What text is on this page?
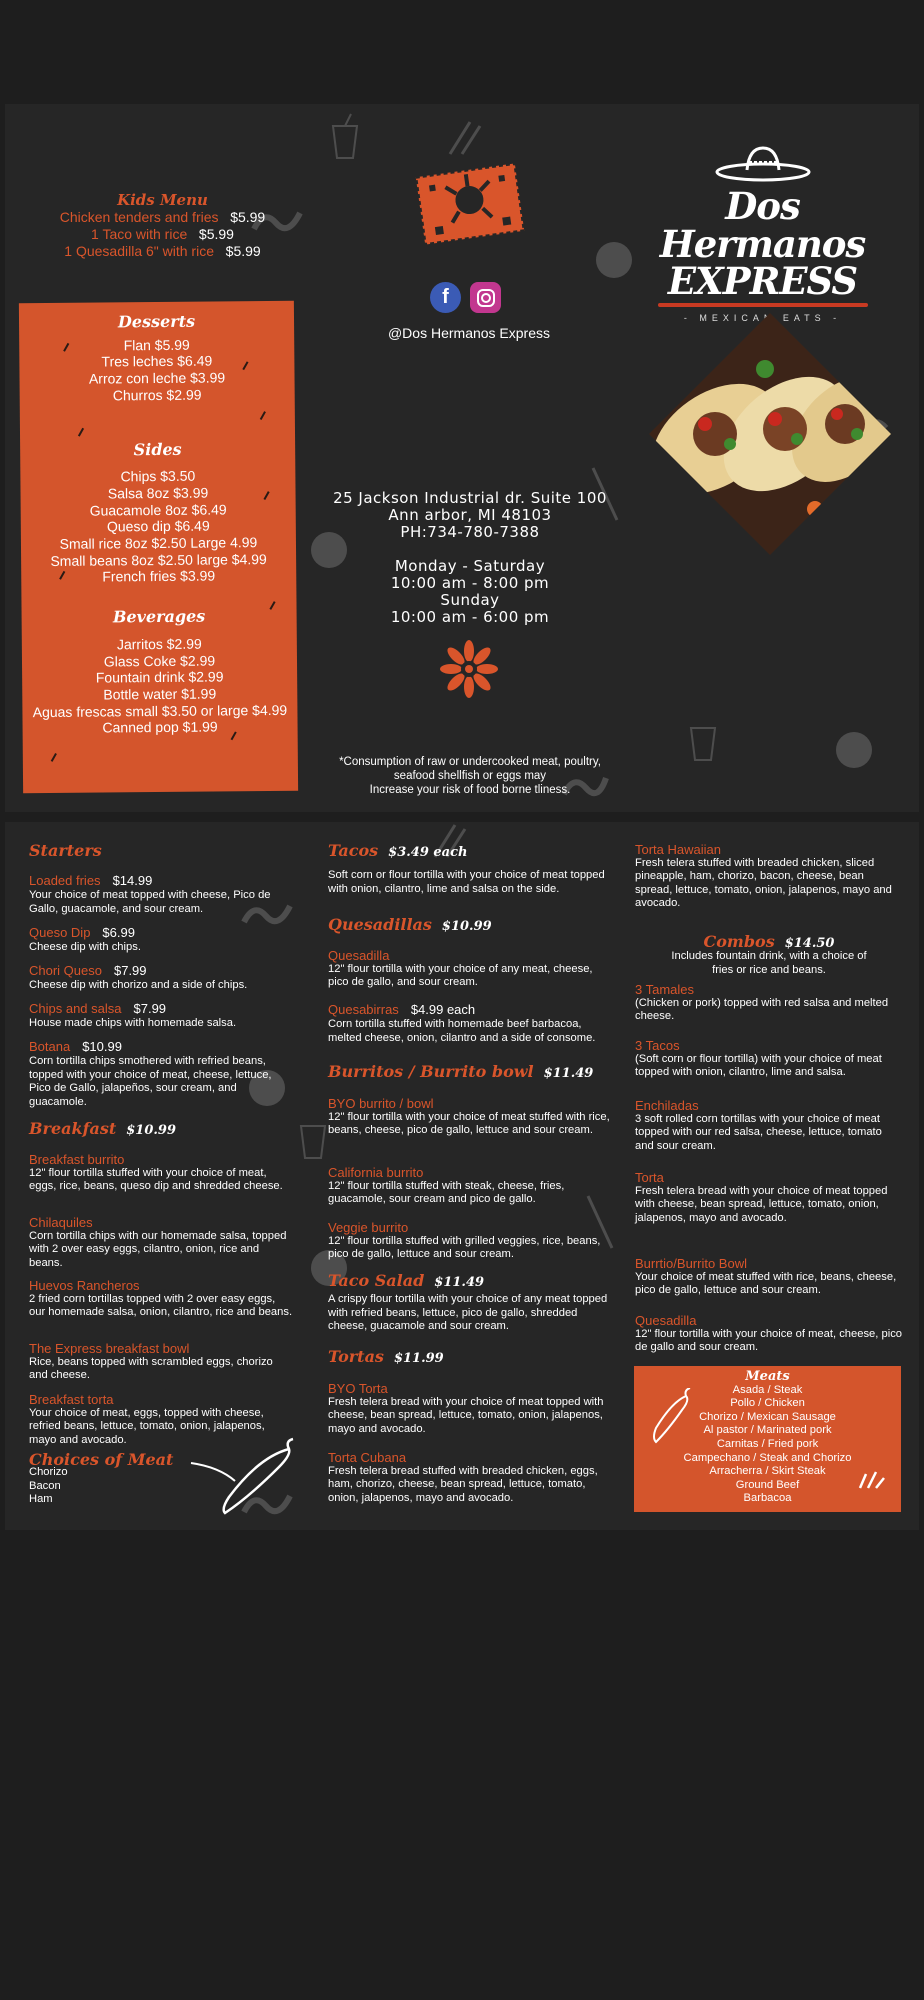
Kids Menu
Chicken tenders and fries $5.99
1 Taco with rice $5.99
1 Quesadilla 6" with rice $5.99
Desserts
Flan $5.99
Tres leches $6.49
Arroz con leche $3.99
Churros $2.99
Sides
Chips $3.50
Salsa 8oz $3.99
Guacamole 8oz $6.49
Queso dip $6.49
Small rice 8oz $2.50 Large 4.99
Small beans 8oz $2.50 large $4.99
French fries $3.99
Beverages
Jarritos $2.99
Glass Coke $2.99
Fountain drink $2.99
Bottle water $1.99
Aguas frescas small $3.50 or large $4.99
Canned pop $1.99
f
@Dos Hermanos Express
25 Jackson Industrial dr. Suite 100
Ann arbor, MI 48103
PH:734-780-7388
Monday - Saturday
10:00 am - 8:00 pm
Sunday
10:00 am - 6:00 pm
*Consumption of raw or undercooked meat, poultry,
seafood shellfish or eggs may
Increase your risk of food borne tliness.
Dos Hermanos
EXPRESS
- MEXICAN EATS -
Starters
Loaded fries $14.99
Your choice of meat topped with cheese, Pico de Gallo, guacamole, and sour cream.
Queso Dip $6.99
Cheese dip with chips.
Chori Queso $7.99
Cheese dip with chorizo and a side of chips.
Chips and salsa $7.99
House made chips with homemade salsa.
Botana $10.99
Corn tortilla chips smothered with refried beans, topped with your choice of meat, cheese, lettuce, Pico de Gallo, jalapeños, sour cream, and guacamole.
Breakfast $10.99
Breakfast burrito
12" flour tortilla stuffed with your choice of meat, eggs, rice, beans, queso dip and shredded cheese.
Chilaquiles
Corn tortilla chips with our homemade salsa, topped with 2 over easy eggs, cilantro, onion, rice and beans.
Huevos Rancheros
2 fried corn tortillas topped with 2 over easy eggs, our homemade salsa, onion, cilantro, rice and beans.
The Express breakfast bowl
Rice, beans topped with scrambled eggs, chorizo and cheese.
Breakfast torta
Your choice of meat, eggs, topped with cheese, refried beans, lettuce, tomato, onion, jalapenos, mayo and avocado.
Choices of Meat
Chorizo
Bacon
Ham
Tacos $3.49 each
Soft corn or flour tortilla with your choice of meat topped with onion, cilantro, lime and salsa on the side.
Quesadillas $10.99
Quesadilla
12" flour tortilla with your choice of any meat, cheese, pico de gallo, and sour cream.
Quesabirras $4.99 each
Corn tortilla stuffed with homemade beef barbacoa, melted cheese, onion, cilantro and a side of consome.
Burritos / Burrito bowl $11.49
BYO burrito / bowl
12" flour tortilla with your choice of meat stuffed with rice, beans, cheese, pico de gallo, lettuce and sour cream.
California burrito
12" flour tortilla stuffed with steak, cheese, fries, guacamole, sour cream and pico de gallo.
Veggie burrito
12" flour tortilla stuffed with grilled veggies, rice, beans, pico de gallo, lettuce and sour cream.
Taco Salad $11.49
A crispy flour tortilla with your choice of any meat topped with refried beans, lettuce, pico de gallo, shredded cheese, guacamole and sour cream.
Tortas $11.99
BYO Torta
Fresh telera bread with your choice of meat topped with cheese, bean spread, lettuce, tomato, onion, jalapenos, mayo and avocado.
Torta Cubana
Fresh telera bread stuffed with breaded chicken, eggs, ham, chorizo, cheese, bean spread, lettuce, tomato, onion, jalapenos, mayo and avocado.
Torta Hawaiian
Fresh telera stuffed with breaded chicken, sliced pineapple, ham, chorizo, bacon, cheese, bean spread, lettuce, tomato, onion, jalapenos, mayo and avocado.
Combos $14.50
Includes fountain drink, with a choice of fries or rice and beans.
3 Tamales
(Chicken or pork) topped with red salsa and melted cheese.
3 Tacos
(Soft corn or flour tortilla) with your choice of meat topped with onion, cilantro, lime and salsa.
Enchiladas
3 soft rolled corn tortillas with your choice of meat topped with our red salsa, cheese, lettuce, tomato and sour cream.
Torta
Fresh telera bread with your choice of meat topped with cheese, bean spread, lettuce, tomato, onion, jalapenos, mayo and avocado.
Burrtio/Burrito Bowl
Your choice of meat stuffed with rice, beans, cheese, pico de gallo, lettuce and sour cream.
Quesadilla
12" flour tortilla with your choice of meat, cheese, pico de gallo and sour cream.
Meats
Asada / Steak
Pollo / Chicken
Chorizo / Mexican Sausage
Al pastor / Marinated pork
Carnitas / Fried pork
Campechano / Steak and Chorizo
Arracherra / Skirt Steak
Ground Beef
Barbacoa
